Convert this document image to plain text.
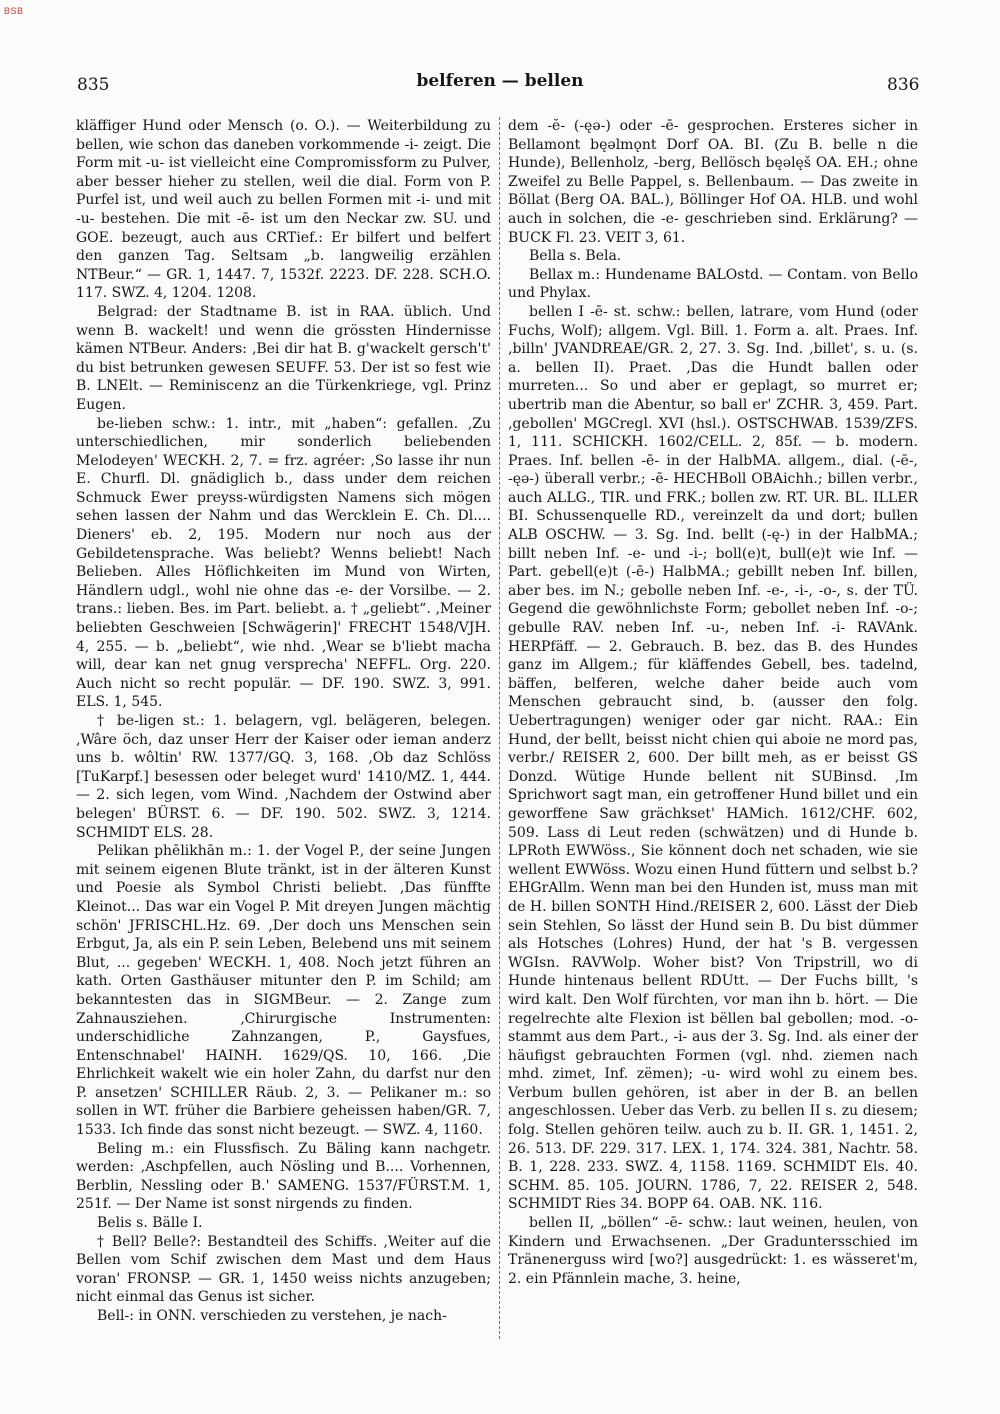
BSB
835	belferen — bellen	836

kläffiger Hund oder Mensch (o. O.). — Weiterbildung zu bellen, wie schon das daneben vorkommende -i- zeigt. Die Form mit -u- ist vielleicht eine Compromissform zu Pulver, aber besser hieher zu stellen, weil die dial. Form von P. Purfel ist, und weil auch zu bellen Formen mit -i- und mit -u- bestehen. Die mit -ē- ist um den Neckar zw. SU. und GOE. bezeugt, auch aus CRTief.: Er bilfert und belfert den ganzen Tag. Seltsam „b. langweilig erzählen NTBeur.“ — GR. 1, 1447. 7, 1532f. 2223. DF. 228. SCH.O. 117. SWZ. 4, 1204. 1208.

Belgrad: der Stadtname B. ist in RAA. üblich. Und wenn B. wackelt! und wenn die grössten Hindernisse kämen NTBeur. Anders: ‚Bei dir hat B. g'wackelt gersch't' du bist betrunken gewesen SEUFF. 53. Der ist so fest wie B. LNElt. — Reminiscenz an die Türkenkriege, vgl. Prinz Eugen.

be-lieben schw.: 1. intr., mit „haben“: gefallen. ‚Zu unterschiedlichen, mir sonderlich beliebenden Melodeyen' WECKH. 2, 7. = frz. agréer: ‚So lasse ihr nun E. Churfl. Dl. gnädiglich b., dass under dem reichen Schmuck Ewer preyss-würdigsten Namens sich mögen sehen lassen der Nahm und das Wercklein E. Ch. Dl.... Dieners' eb. 2, 195. Modern nur noch aus der Gebildetensprache. Was beliebt? Wenns beliebt! Nach Belieben. Alles Höflichkeiten im Mund von Wirten, Händlern udgl., wohl nie ohne das -e- der Vorsilbe. — 2. trans.: lieben. Bes. im Part. beliebt. a. † „geliebt“. ‚Meiner beliebten Geschweien [Schwägerin]' FRECHT 1548/VJH. 4, 255. — b. „beliebt“, wie nhd. ‚Wear se b'liebt macha will, dear kan net gnug versprecha' NEFFL. Org. 220. Auch nicht so recht populär. — DF. 190. SWZ. 3, 991. ELS. 1, 545.

† be-ligen st.: 1. belagern, vgl. belägeren, belegen. ‚Wâre öch, daz unser Herr der Kaiser oder ieman anderz uns b. wôltin' RW. 1377/GQ. 3, 168. ‚Ob daz Schlöss [TuKarpf.] besessen oder beleget wurd' 1410/MZ. 1, 444. — 2. sich legen, vom Wind. ‚Nachdem der Ostwind aber belegen' BÜRST. 6. — DF. 190. 502. SWZ. 3, 1214. SCHMIDT ELS. 28.

Pelikan phēlikhān m.: 1. der Vogel P., der seine Jungen mit seinem eigenen Blute tränkt, ist in der älteren Kunst und Poesie als Symbol Christi beliebt. ‚Das fünffte Kleinot... Das war ein Vogel P. Mit dreyen Jungen mächtig schön' JFRISCHL.Hz. 69. ‚Der doch uns Menschen sein Erbgut, Ja, als ein P. sein Leben, Belebend uns mit seinem Blut, ... gegeben' WECKH. 1, 408. Noch jetzt führen an kath. Orten Gasthäuser mitunter den P. im Schild; am bekanntesten das in SIGMBeur. — 2. Zange zum Zahnausziehen. ‚Chirurgische Instrumenten: underschidliche Zahnzangen, P., Gaysfues, Entenschnabel' HAINH. 1629/QS. 10, 166. ‚Die Ehrlichkeit wakelt wie ein holer Zahn, du darfst nur den P. ansetzen' SCHILLER Räub. 2, 3. — Pelikaner m.: so sollen in WT. früher die Barbiere geheissen haben/GR. 7, 1533. Ich finde das sonst nicht bezeugt. — SWZ. 4, 1160.

Beling m.: ein Flussfisch. Zu Bäling kann nachgetr. werden: ‚Aschpfellen, auch Nösling und B.... Vorhennen, Berblin, Nessling oder B.' SAMENG. 1537/FÜRST.M. 1, 251f. — Der Name ist sonst nirgends zu finden.

Belis s. Bälle I.

† Bell? Belle?: Bestandteil des Schiffs. ‚Weiter auf die Bellen vom Schif zwischen dem Mast und dem Haus voran' FRONSP. — GR. 1, 1450 weiss nichts anzugeben; nicht einmal das Genus ist sicher.

Bell-: in ONN. verschieden zu verstehen, je nach-

dem -ĕ- (-ęə-) oder -ē- gesprochen. Ersteres sicher in Bellamont bęəlmǫnt Dorf OA. BI. (Zu B. belle n die Hunde), Bellenholz, -berg, Bellösch bęəlęš OA. EH.; ohne Zweifel zu Belle Pappel, s. Bellenbaum. — Das zweite in Böllat (Berg OA. BAL.), Böllinger Hof OA. HLB. und wohl auch in solchen, die -e- geschrieben sind. Erklärung? — BUCK Fl. 23. VEIT 3, 61.

Bella s. Bela.

Bellax m.: Hundename BALOstd. — Contam. von Bello und Phylax.

bellen I -ē- st. schw.: bellen, latrare, vom Hund (oder Fuchs, Wolf); allgem. Vgl. Bill. 1. Form a. alt. Praes. Inf. ‚billn' JVANDREAE/GR. 2, 27. 3. Sg. Ind. ‚billet', s. u. (s. a. bellen II). Praet. ‚Das die Hundt ballen oder murreten... So und aber er geplagt, so murret er; ubertrib man die Abentur, so ball er' ZCHR. 3, 459. Part. ‚gebollen' MGCregl. XVI (hsl.). OSTSCHWAB. 1539/ZFS. 1, 111. SCHICKH. 1602/CELL. 2, 85f. — b. modern. Praes. Inf. bellen -ē- in der HalbMA. allgem., dial. (-ē-, -ęə-) überall verbr.; -ē- HECHBoll OBAichh.; billen verbr., auch ALLG., TIR. und FRK.; bollen zw. RT. UR. BL. ILLER BI. Schussenquelle RD., vereinzelt da und dort; bullen ALB OSCHW. — 3. Sg. Ind. bellt (-ę-) in der HalbMA.; billt neben Inf. -e- und -i-; boll(e)t, bull(e)t wie Inf. — Part. gebell(e)t (-ē-) HalbMA.; gebillt neben Inf. billen, aber bes. im N.; gebolle neben Inf. -e-, -i-, -o-, s. der TÜ. Gegend die gewöhnlichste Form; gebollet neben Inf. -o-; gebulle RAV. neben Inf. -u-, neben Inf. -i- RAVAnk. HERPfäff. — 2. Gebrauch. B. bez. das B. des Hundes ganz im Allgem.; für kläffendes Gebell, bes. tadelnd, bäffen, belferen, welche daher beide auch vom Menschen gebraucht sind, b. (ausser den folg. Uebertragungen) weniger oder gar nicht. RAA.: Ein Hund, der bellt, beisst nicht chien qui aboie ne mord pas, verbr./ REISER 2, 600. Der billt meh, as er beisst GS Donzd. Wütige Hunde bellent nit SUBinsd. ‚Im Sprichwort sagt man, ein getroffener Hund billet und ein geworffene Saw grächkset' HAMich. 1612/CHF. 602, 509. Lass di Leut reden (schwätzen) und di Hunde b. LPRoth EWWöss., Sie könnent doch net schaden, wie sie wellent EWWöss. Wozu einen Hund füttern und selbst b.? EHGrAllm. Wenn man bei den Hunden ist, muss man mit de H. billen SONTH Hind./REISER 2, 600. Lässt der Dieb sein Stehlen, So lässt der Hund sein B. Du bist dümmer als Hotsches (Lohres) Hund, der hat 's B. vergessen WGIsn. RAVWolp. Woher bist? Von Tripstrill, wo di Hunde hintenaus bellent RDUtt. — Der Fuchs billt, 's wird kalt. Den Wolf fürchten, vor man ihn b. hört. — Die regelrechte alte Flexion ist bëllen bal gebollen; mod. -o- stammt aus dem Part., -i- aus der 3. Sg. Ind. als einer der häufigst gebrauchten Formen (vgl. nhd. ziemen nach mhd. zimet, Inf. zëmen); -u- wird wohl zu einem bes. Verbum bullen gehören, ist aber in der B. an bellen angeschlossen. Ueber das Verb. zu bellen II s. zu diesem; folg. Stellen gehören teilw. auch zu b. II. GR. 1, 1451. 2, 26. 513. DF. 229. 317. LEX. 1, 174. 324. 381, Nachtr. 58. B. 1, 228. 233. SWZ. 4, 1158. 1169. SCHMIDT Els. 40. SCHM. 85. 105. JOURN. 1786, 7, 22. REISER 2, 548. SCHMIDT Ries 34. BOPP 64. OAB. NK. 116.

bellen II, „böllen“ -ē- schw.: laut weinen, heulen, von Kindern und Erwachsenen. „Der Graduntersschied im Tränenerguss wird [wo?] ausgedrückt: 1. es wässeret'm, 2. ein Pfännlein mache, 3. heine,
